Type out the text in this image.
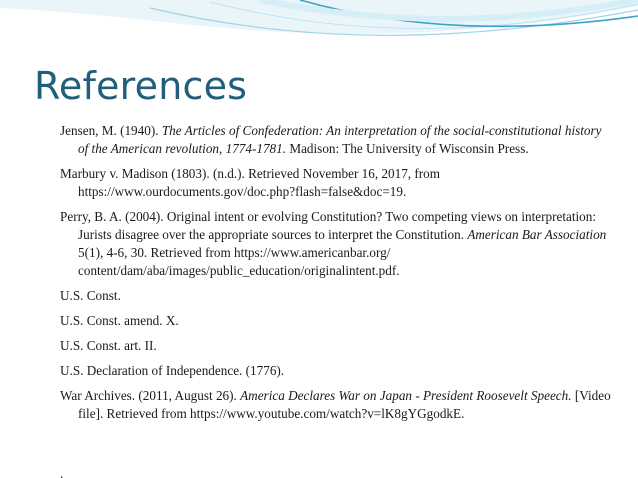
References
Jensen, M. (1940). The Articles of Confederation: An interpretation of the social-constitutional history of the American revolution, 1774-1781. Madison: The University of Wisconsin Press.
Marbury v. Madison (1803). (n.d.). Retrieved November 16, 2017, from https://www.ourdocuments.gov/doc.php?flash=false&doc=19.
Perry, B. A. (2004). Original intent or evolving Constitution? Two competing views on interpretation: Jurists disagree over the appropriate sources to interpret the Constitution. American Bar Association 5(1), 4-6, 30. Retrieved from https://www.americanbar.org/ content/dam/aba/images/public_education/originalintent.pdf.
U.S. Const.
U.S. Const. amend. X.
U.S. Const. art. II.
U.S. Declaration of Independence. (1776).
War Archives. (2011, August 26). America Declares War on Japan - President Roosevelt Speech. [Video file]. Retrieved from https://www.youtube.com/watch?v=lK8gYGgodkE.
.
